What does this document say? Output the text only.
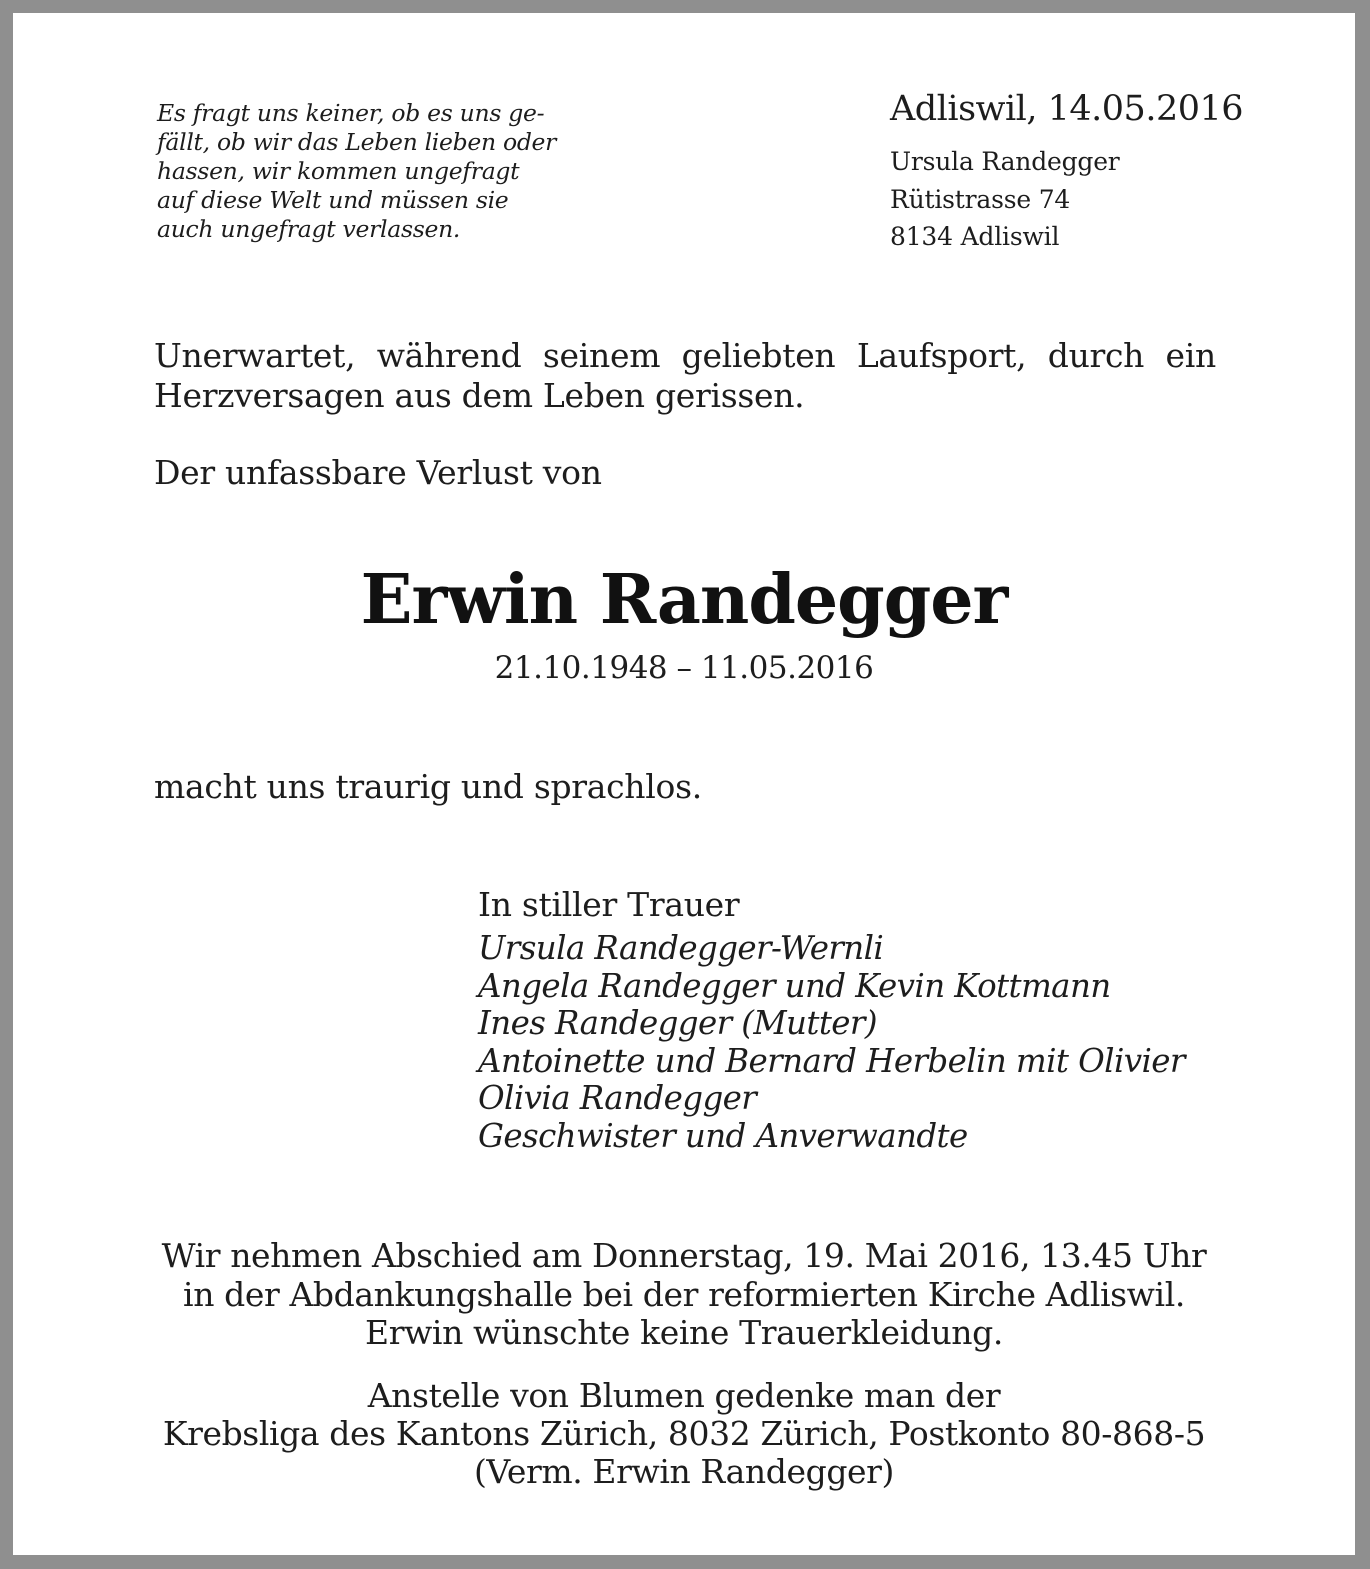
Es fragt uns keiner, ob es uns ge-
fällt, ob wir das Leben lieben oder
hassen, wir kommen ungefragt
auf diese Welt und müssen sie
auch ungefragt verlassen.
Adliswil, 14.05.2016
Ursula Randegger
Rütistrasse 74
8134 Adliswil
Unerwartet, während seinem geliebten Laufsport, durch ein Herzversagen aus dem Leben gerissen.
Der unfassbare Verlust von
Erwin Randegger
21.10.1948 – 11.05.2016
macht uns traurig und sprachlos.
In stiller Trauer
Ursula Randegger-Wernli
Angela Randegger und Kevin Kottmann
Ines Randegger (Mutter)
Antoinette und Bernard Herbelin mit Olivier
Olivia Randegger
Geschwister und Anverwandte
Wir nehmen Abschied am Donnerstag, 19. Mai 2016, 13.45 Uhr
in der Abdankungshalle bei der reformierten Kirche Adliswil.
Erwin wünschte keine Trauerkleidung.
Anstelle von Blumen gedenke man der
Krebsliga des Kantons Zürich, 8032 Zürich, Postkonto 80-868-5
(Verm. Erwin Randegger)
